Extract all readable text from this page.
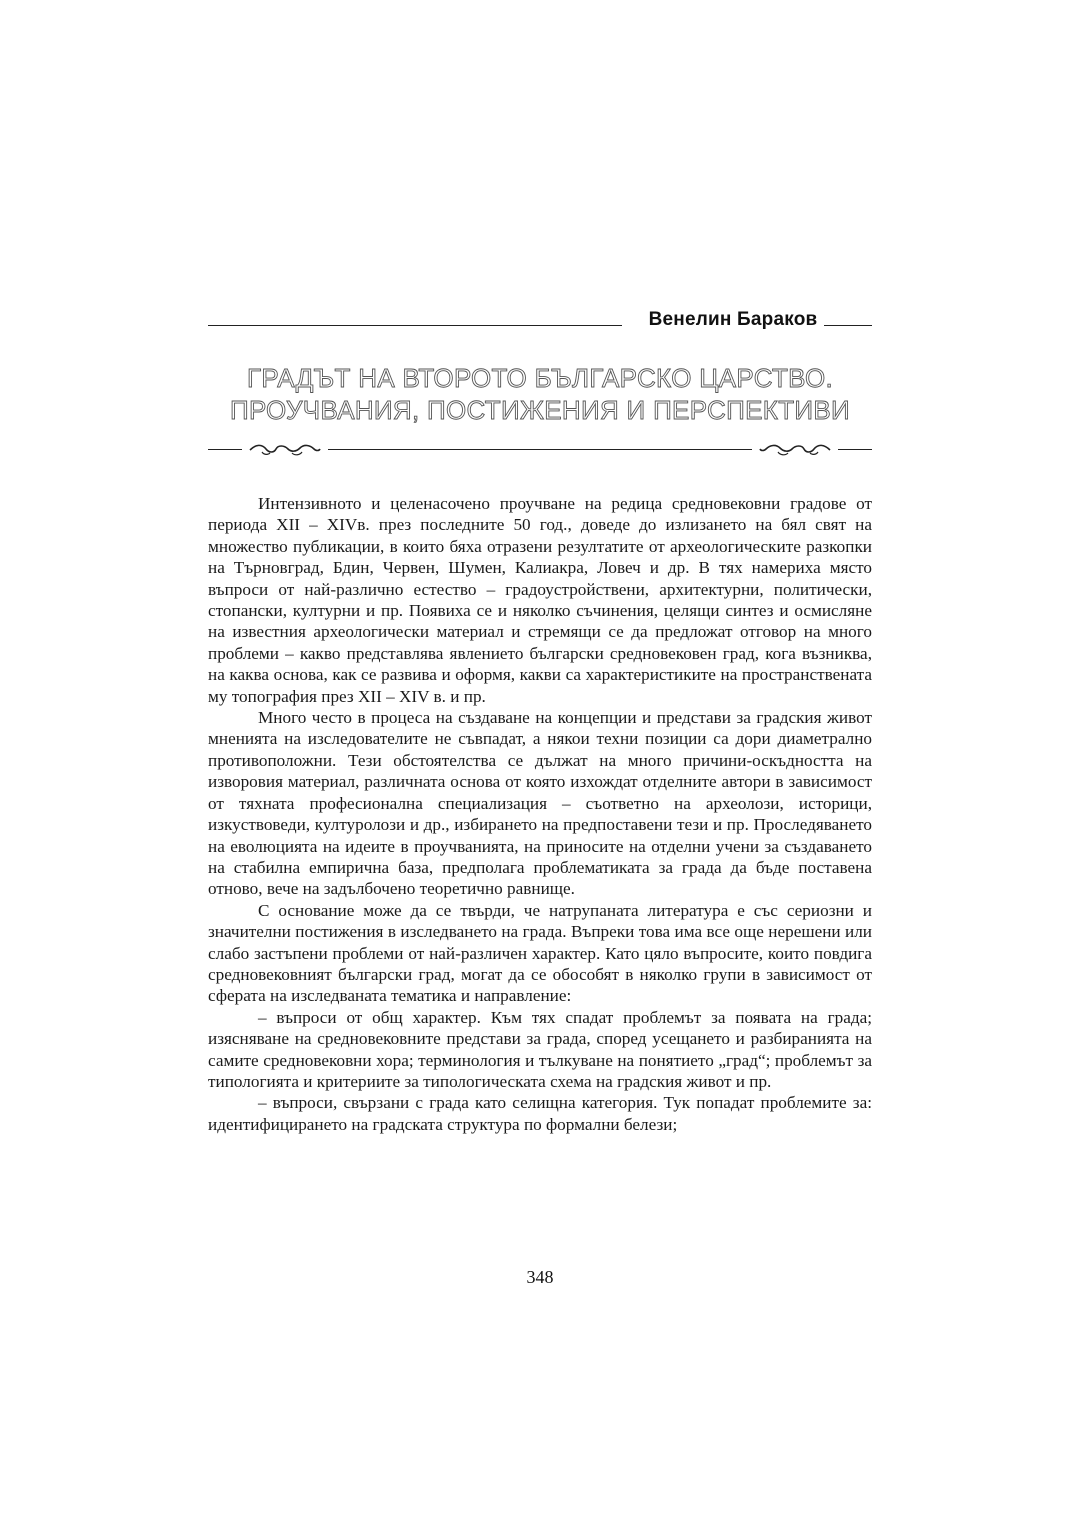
Венелин Бараков
ГРАДЪТ НА ВТОРОТО БЪЛГАРСКО ЦАРСТВО.
ПРОУЧВАНИЯ, ПОСТИЖЕНИЯ И ПЕРСПЕКТИВИ

Интензивното и целенасочено проучване на редица средновековни градове от периода XII – XIVв. през последните 50 год., доведе до излизането на бял свят на множество публикации, в които бяха отразени резултатите от археологическите разкопки на Търновград, Бдин, Червен, Шумен, Калиакра, Ловеч и др. В тях намериха място въпроси от най-различно естество – градоустройствени, архитектурни, политически, стопански, културни и пр. Появиха се и няколко съчинения, целящи синтез и осмисляне на известния археологически материал и стремящи се да предложат отговор на много проблеми – какво представлява явлението български средновековен град, кога възниква, на каква основа, как се развива и оформя, какви са характеристиките на пространствената му топография през XII – XIV в. и пр.

Много често в процеса на създаване на концепции и представи за градския живот мненията на изследователите не съвпадат, а някои техни позиции са дори диаметрално противоположни. Тези обстоятелства се дължат на много причини-оскъдността на изворовия материал, различната основа от която изхождат отделните автори в зависимост от тяхната професионална специализация – съответно на археолози, историци, изкуствоведи, културолози и др., избирането на предпоставени тези и пр. Проследяването на еволюцията на идеите в проучванията, на приносите на отделни учени за създаването на стабилна емпирична база, предполага проблематиката за града да бъде поставена отново, вече на задълбочено теоретично равнище.

С основание може да се твърди, че натрупаната литература е със сериозни и значителни постижения в изследването на града. Въпреки това има все още нерешени или слабо застъпени проблеми от най-различен характер. Като цяло въпросите, които повдига средновековният български град, могат да се обособят в няколко групи в зависимост от сферата на изследваната тематика и направление:

– въпроси от общ характер. Към тях спадат проблемът за появата на града; изясняване на средновековните представи за града, според усещането и разбиранията на самите средновековни хора; терминология и тълкуване на понятието „град“; проблемът за типологията и критериите за типологическата схема на градския живот и пр.

– въпроси, свързани с града като селищна категория. Тук попадат проблемите за: идентифицирането на градската структура по формални белези;

348
